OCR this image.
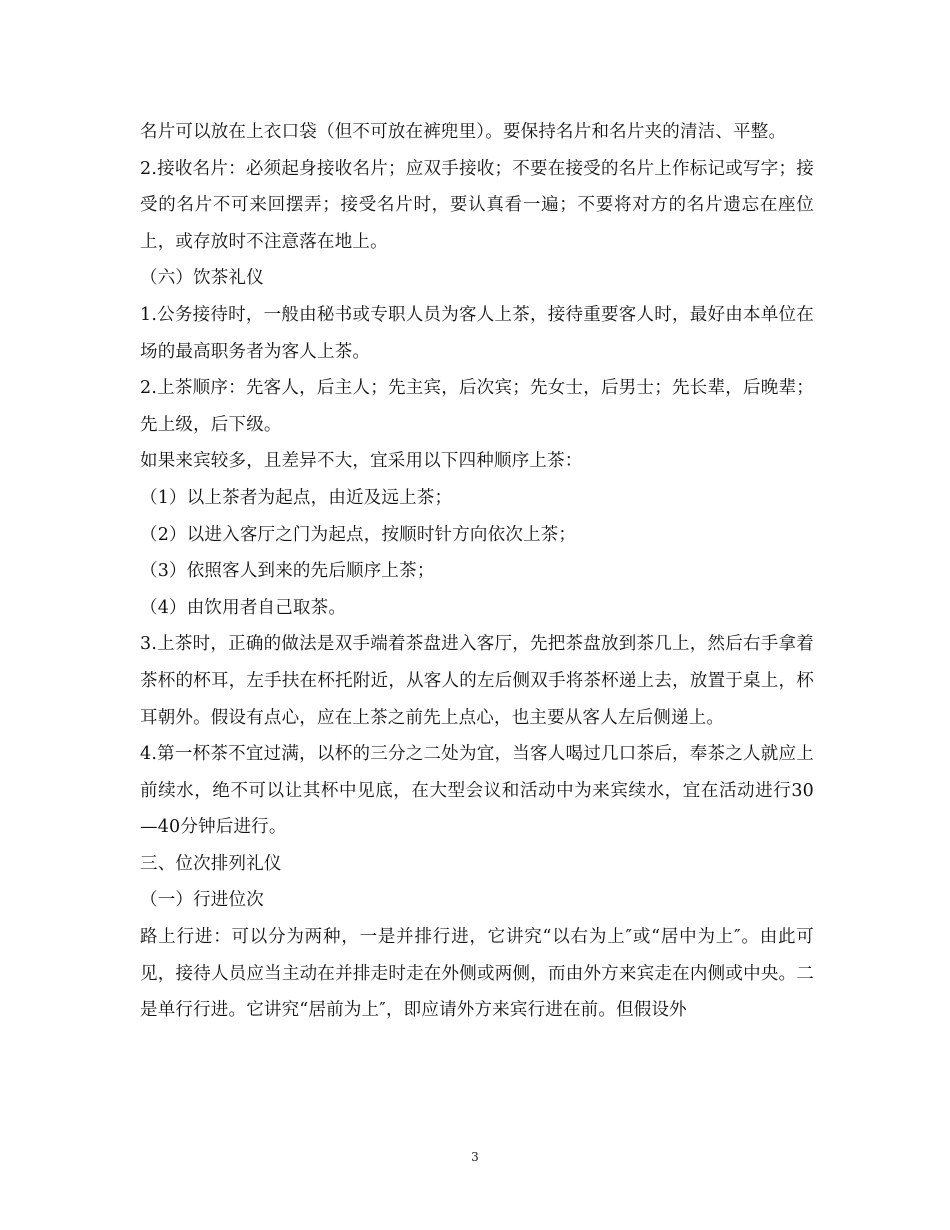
名片可以放在上衣口袋（但不可放在裤兜里）。要保持名片和名片夹的清洁、平整。

2.接收名片：必须起身接收名片；应双手接收；不要在接受的名片上作标记或写字；接受的名片不可来回摆弄；接受名片时，要认真看一遍；不要将对方的名片遗忘在座位上，或存放时不注意落在地上。

（六）饮茶礼仪

1.公务接待时，一般由秘书或专职人员为客人上茶，接待重要客人时，最好由本单位在场的最高职务者为客人上茶。

2.上茶顺序：先客人，后主人；先主宾，后次宾；先女士，后男士；先长辈，后晚辈；先上级，后下级。

如果来宾较多，且差异不大，宜采用以下四种顺序上茶：

（1）以上茶者为起点，由近及远上茶；

（2）以进入客厅之门为起点，按顺时针方向依次上茶；

（3）依照客人到来的先后顺序上茶；

（4）由饮用者自己取茶。

3.上茶时，正确的做法是双手端着茶盘进入客厅，先把茶盘放到茶几上，然后右手拿着茶杯的杯耳，左手扶在杯托附近，从客人的左后侧双手将茶杯递上去，放置于桌上，杯耳朝外。假设有点心，应在上茶之前先上点心，也主要从客人左后侧递上。

4.第一杯茶不宜过满，以杯的三分之二处为宜，当客人喝过几口茶后，奉茶之人就应上前续水，绝不可以让其杯中见底，在大型会议和活动中为来宾续水，宜在活动进行30—40分钟后进行。

三、位次排列礼仪

（一）行进位次

路上行进：可以分为两种，一是并排行进，它讲究“以右为上″或“居中为上″。由此可见，接待人员应当主动在并排走时走在外侧或两侧，而由外方来宾走在内侧或中央。二是单行行进。它讲究“居前为上″，即应请外方来宾行进在前。但假设外

3
